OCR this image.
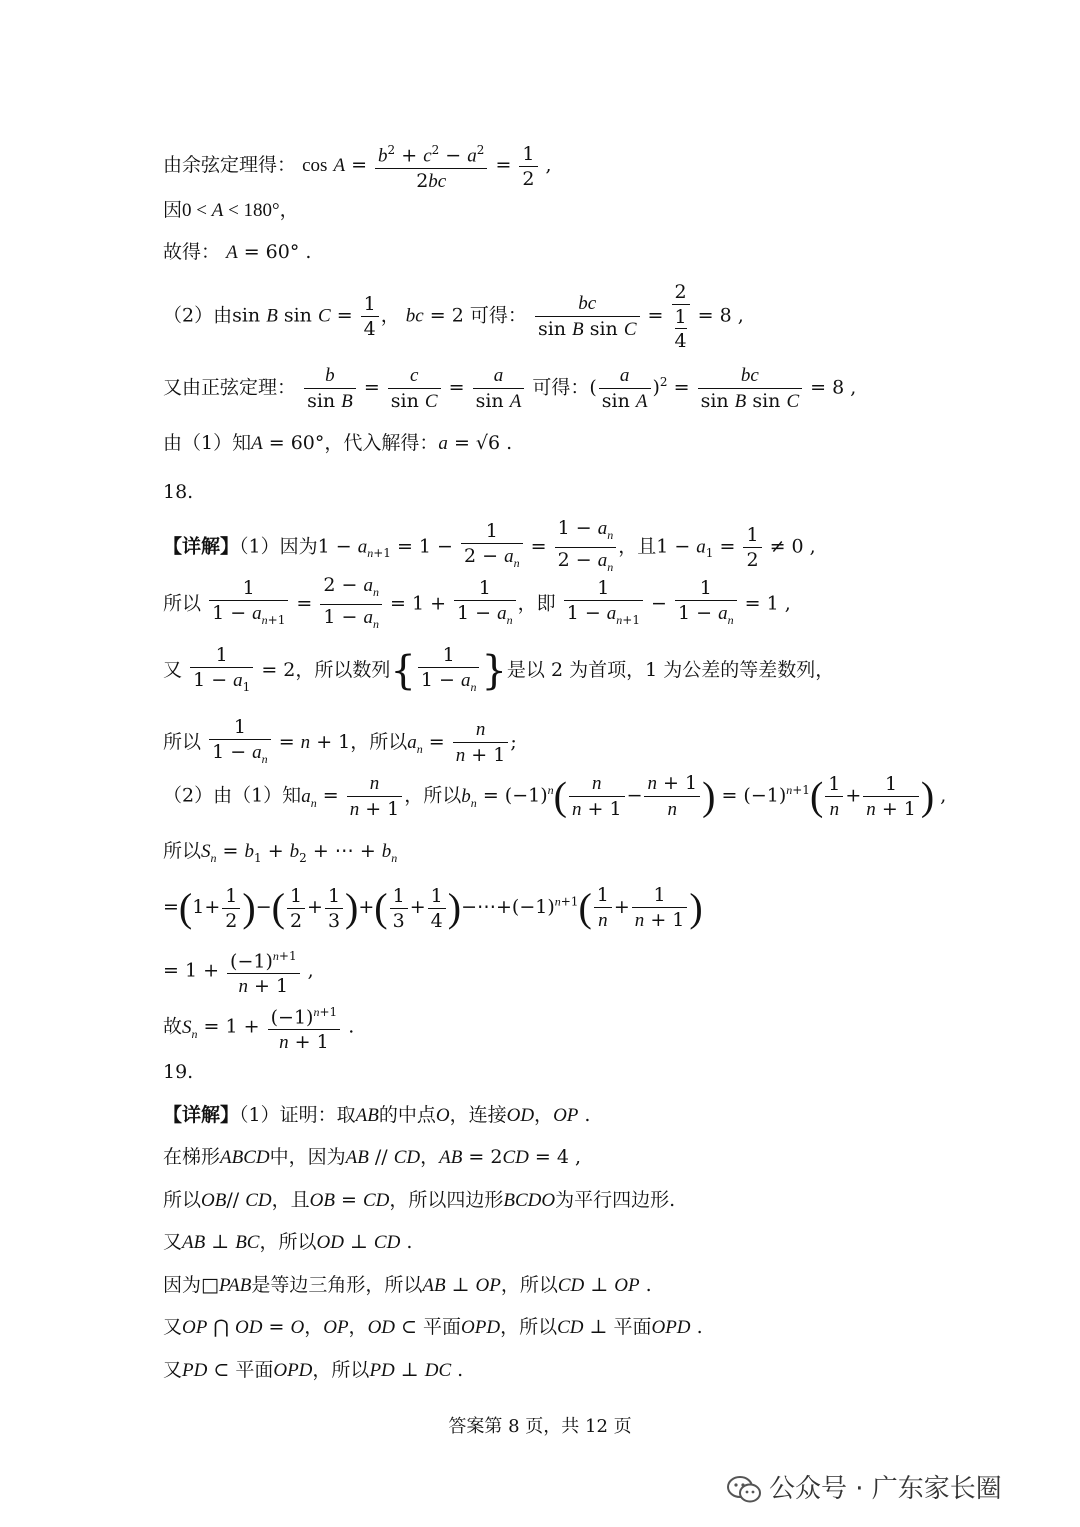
由余弦定理得： $\cos A = \frac{b^2 + c^2 - a^2}{2bc} = \frac{1}{2}$ ,
因0 < A < 180°，
故得： A = 60° .
（2）由sin B $\sin C = \frac{1}{4}$ ， bc = 2 可得： $\frac{bc}{\text{sin B sin C}}$ =
2
1
4
= 8 ,
又由正弦定理： $\frac{b}{\text{sin B}} = \frac{c}{\text{sin C}} = \frac{a}{\text{sin A}}$ 可得：( $\frac{a}{\text{sin A}} )^2 = \frac{bc}{\text{sin B sin C}} = 8$ ,
由（1）知A = 60°，代入解得：a = √6 .
18.
【详解】（1）因为$1 - a_{n+1} = 1 - \frac{1}{2 - a_n} = \frac{1 - a_n}{2 - a_n}$ ，且$1 - a_1 = \frac{1}{2} \ne 0$ ,
所以 $\frac{1}{1 - a_{n+1}} = \frac{2 - a_n}{1 - a_n} = 1 + \frac{1}{1 - a_n}$ ，即 $\frac{1}{1 - a_{n+1}} - \frac{1}{1 - a_n} = 1$ ,
又 $\frac{1}{1 - a_1} = 2$，所以数列{ $\frac{1}{1 - a_n}$ }是以 2 为首项，1 为公差的等差数列，
所以 $\frac{1}{1 - a_n} = n + 1$，所以$a_n = \frac{n}{n + 1}$ ;
（2）由（1）知$a_n = \frac{n}{n + 1}$ ，所以$b_n = (-1)^n( \frac{n}{n + 1} - \frac{n + 1}{n}$ ) = $(-1)^{n+1}( \frac{1}{n} + \frac{1}{n + 1}$ ) ,
所以$S_n = b_1 + b_2$ + ⋯ + $b_n$
$=(1+ \frac{1}{2}$ )−( $\frac{1}{2} + \frac{1}{3}$ )+( $\frac{1}{3} + \frac{1}{4}$ )$-\cdots+(-1)^{n+1}( \frac{1}{n} + \frac{1}{n + 1}$ )
= $1 + \frac{(-1)^{n+1}}{n + 1}$ ,
故$S_n = 1 + \frac{(-1)^{n+1}}{n + 1}$ .
19.
【详解】（1）证明：取AB的中点O，连接OD，OP .
在梯形ABCD中，因为AB // CD，AB = 2CD = 4 ,
所以OB// CD，且OB = CD，所以四边形BCDO为平行四边形.
又AB ⊥ BC，所以OD ⊥ CD .
因为□PAB是等边三角形，所以AB ⊥ OP，所以CD ⊥ OP .
又OP ⋂ OD = O，OP，OD ⊂ 平面OPD，所以CD ⊥ 平面OPD .
又PD ⊂ 平面OPD，所以PD ⊥ DC .
答案第 8 页，共 12 页
公众号 · 广东家长圈
